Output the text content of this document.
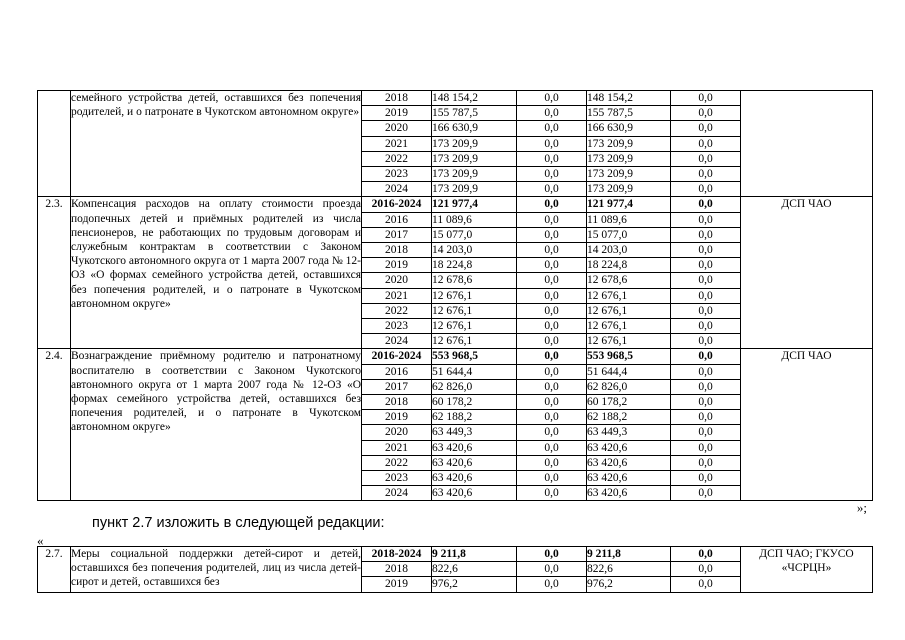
	семейного устройства детей, оставшихся без попечения родителей, и о патронате в Чукотском автономном округе»	2018	148 154,2	0,0	148 154,2	0,0	
		2019	155 787,5	0,0	155 787,5	0,0	
		2020	166 630,9	0,0	166 630,9	0,0	
		2021	173 209,9	0,0	173 209,9	0,0	
		2022	173 209,9	0,0	173 209,9	0,0	
		2023	173 209,9	0,0	173 209,9	0,0	
		2024	173 209,9	0,0	173 209,9	0,0	
2.3.	Компенсация расходов на оплату стоимости проезда подопечных детей и приёмных родителей из числа пенсионеров, не работающих по трудовым договорам и служебным контрактам в соответствии с Законом Чукотского автономного округа от 1 марта 2007 года № 12-ОЗ «О формах семейного устройства детей, оставшихся без попечения родителей, и о патронате в Чукотском автономном округе»	2016-2024	121 977,4	0,0	121 977,4	0,0	ДСП ЧАО
		2016	11 089,6	0,0	11 089,6	0,0	
		2017	15 077,0	0,0	15 077,0	0,0	
		2018	14 203,0	0,0	14 203,0	0,0	
		2019	18 224,8	0,0	18 224,8	0,0	
		2020	12 678,6	0,0	12 678,6	0,0	
		2021	12 676,1	0,0	12 676,1	0,0	
		2022	12 676,1	0,0	12 676,1	0,0	
		2023	12 676,1	0,0	12 676,1	0,0	
		2024	12 676,1	0,0	12 676,1	0,0	
2.4.	Вознаграждение приёмному родителю и патронатному воспитателю в соответствии с Законом Чукотского автономного округа от 1 марта 2007 года № 12-ОЗ «О формах семейного устройства детей, оставшихся без попечения родителей, и о патронате в Чукотском автономном округе»	2016-2024	553 968,5	0,0	553 968,5	0,0	ДСП ЧАО
		2016	51 644,4	0,0	51 644,4	0,0	
		2017	62 826,0	0,0	62 826,0	0,0	
		2018	60 178,2	0,0	60 178,2	0,0	
		2019	62 188,2	0,0	62 188,2	0,0	
		2020	63 449,3	0,0	63 449,3	0,0	
		2021	63 420,6	0,0	63 420,6	0,0	
		2022	63 420,6	0,0	63 420,6	0,0	
		2023	63 420,6	0,0	63 420,6	0,0	
		2024	63 420,6	0,0	63 420,6	0,0	
»;
пункт 2.7 изложить в следующей редакции:
«
2.7.	Меры социальной поддержки детей-сирот и детей, оставшихся без попечения родителей, лиц из числа детей-сирот и детей, оставшихся без	2018-2024	9 211,8	0,0	9 211,8	0,0	ДСП ЧАО; ГКУСО «ЧСРЦН»
		2018	822,6	0,0	822,6	0,0	
		2019	976,2	0,0	976,2	0,0	
